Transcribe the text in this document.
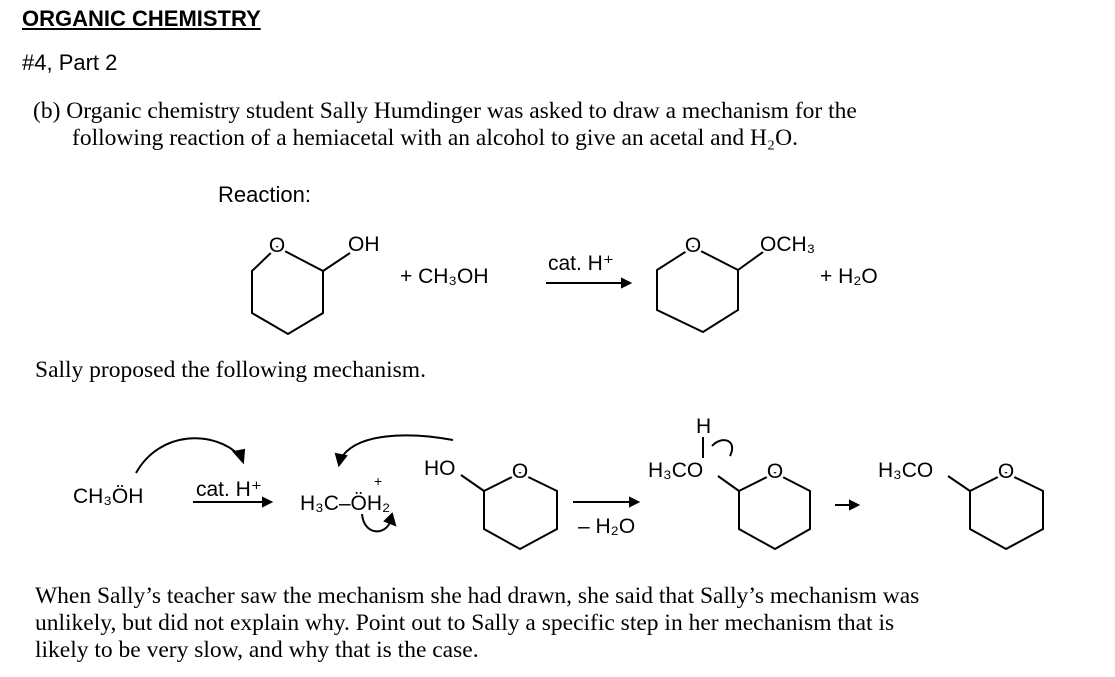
ORGANIC CHEMISTRY
#4, Part 2
(b) Organic chemistry student Sally Humdinger was asked to draw a mechanism for the
following reaction of a hemiacetal with an alcohol to give an acetal and H₂O.
Reaction:
Sally proposed the following mechanism.
O	OH
+ CH₃OH
cat. H⁺
O	OCH₃
+ H₂O
CH₃ÖH	cat. H⁺
H₃C–ÖH₂
+
HO	O
– H₂O
H
H₃CO	O	H₃CO	O
When Sally’s teacher saw the mechanism she had drawn, she said that Sally’s mechanism was
unlikely, but did not explain why. Point out to Sally a specific step in her mechanism that is
likely to be very slow, and why that is the case.
